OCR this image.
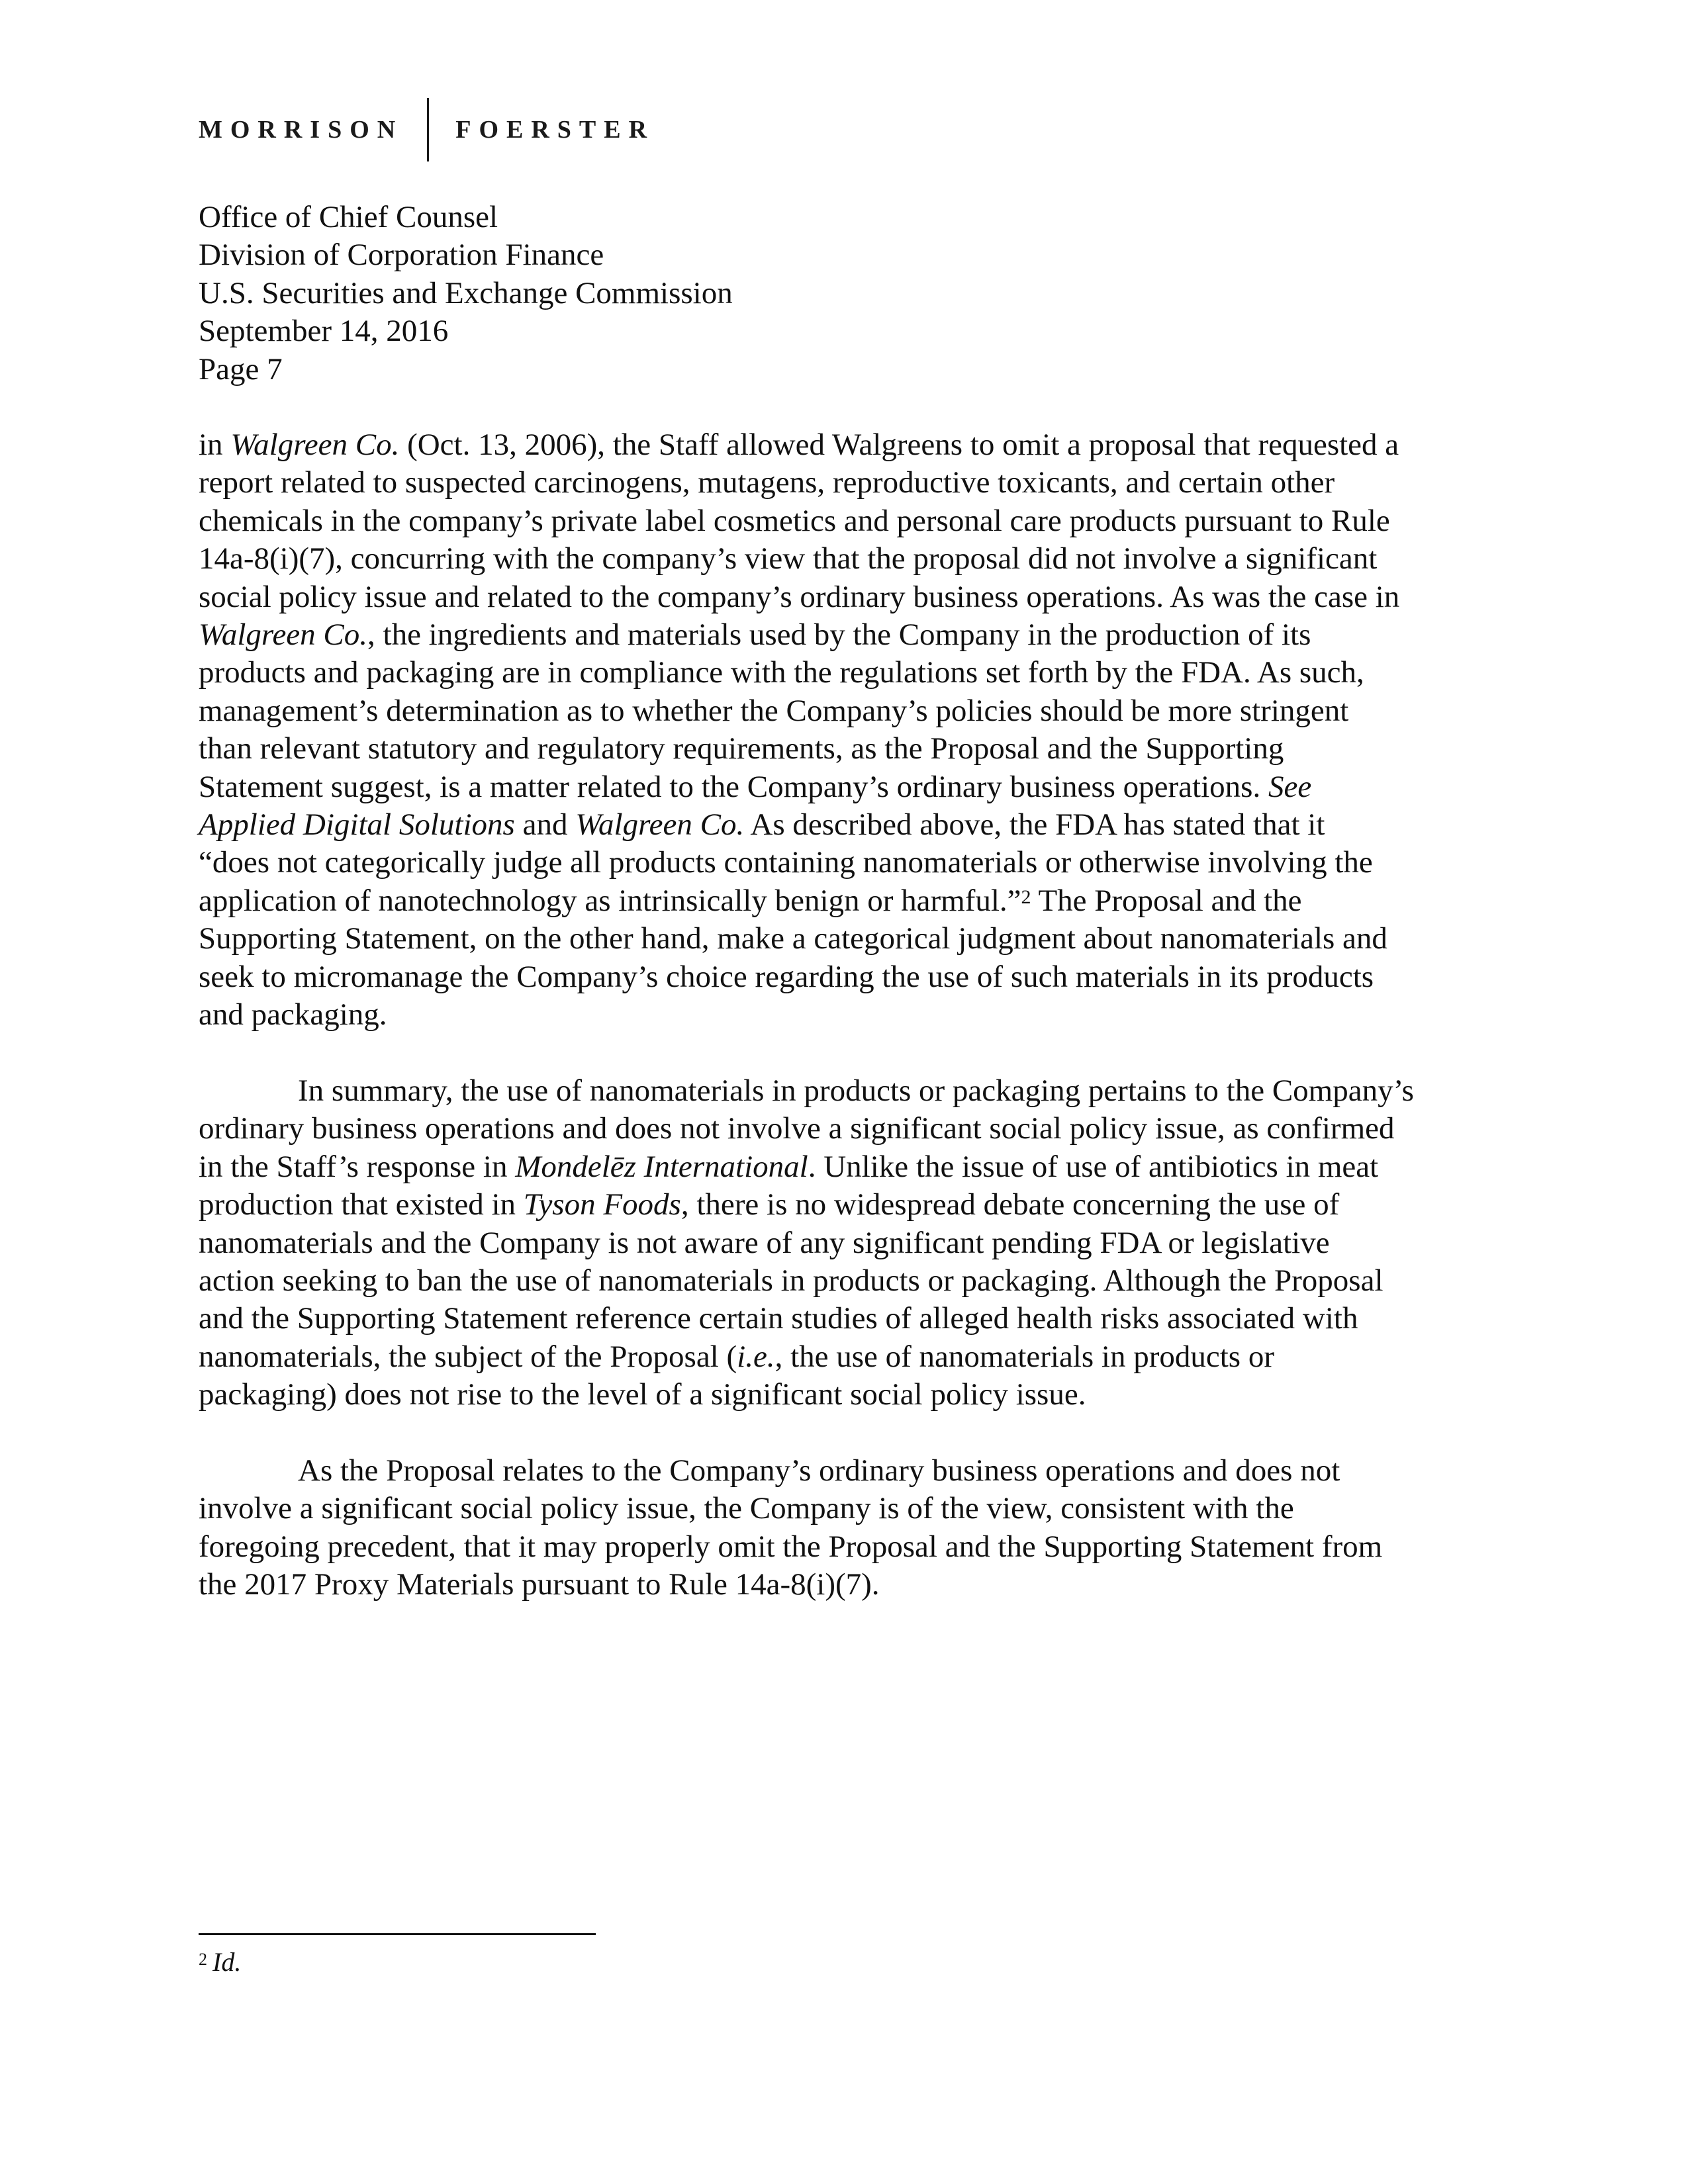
MORRISON FOERSTER
Office of Chief Counsel
Division of Corporation Finance
U.S. Securities and Exchange Commission
September 14, 2016
Page 7
in Walgreen Co. (Oct. 13, 2006), the Staff allowed Walgreens to omit a proposal that requested a
report related to suspected carcinogens, mutagens, reproductive toxicants, and certain other
chemicals in the company’s private label cosmetics and personal care products pursuant to Rule
14a-8(i)(7), concurring with the company’s view that the proposal did not involve a significant
social policy issue and related to the company’s ordinary business operations. As was the case in
Walgreen Co., the ingredients and materials used by the Company in the production of its
products and packaging are in compliance with the regulations set forth by the FDA. As such,
management’s determination as to whether the Company’s policies should be more stringent
than relevant statutory and regulatory requirements, as the Proposal and the Supporting
Statement suggest, is a matter related to the Company’s ordinary business operations. See
Applied Digital Solutions and Walgreen Co. As described above, the FDA has stated that it
“does not categorically judge all products containing nanomaterials or otherwise involving the
application of nanotechnology as intrinsically benign or harmful.”$^2$ The Proposal and the
Supporting Statement, on the other hand, make a categorical judgment about nanomaterials and
seek to micromanage the Company’s choice regarding the use of such materials in its products
and packaging.
In summary, the use of nanomaterials in products or packaging pertains to the Company’s
ordinary business operations and does not involve a significant social policy issue, as confirmed
in the Staff’s response in Mondelēz International. Unlike the issue of use of antibiotics in meat
production that existed in Tyson Foods, there is no widespread debate concerning the use of
nanomaterials and the Company is not aware of any significant pending FDA or legislative
action seeking to ban the use of nanomaterials in products or packaging. Although the Proposal
and the Supporting Statement reference certain studies of alleged health risks associated with
nanomaterials, the subject of the Proposal (i.e., the use of nanomaterials in products or
packaging) does not rise to the level of a significant social policy issue.
As the Proposal relates to the Company’s ordinary business operations and does not
involve a significant social policy issue, the Company is of the view, consistent with the
foregoing precedent, that it may properly omit the Proposal and the Supporting Statement from
the 2017 Proxy Materials pursuant to Rule 14a-8(i)(7).
$^2$ Id.
